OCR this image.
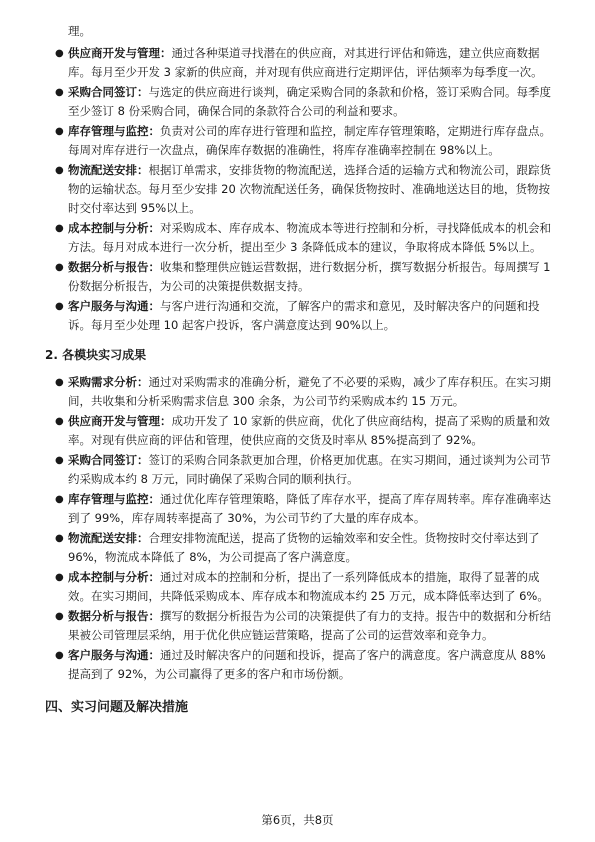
理。

● 供应商开发与管理：通过各种渠道寻找潜在的供应商，对其进行评估和筛选，建立供应商数据库。每月至少开发 3 家新的供应商，并对现有供应商进行定期评估，评估频率为每季度一次。
● 采购合同签订：与选定的供应商进行谈判，确定采购合同的条款和价格，签订采购合同。每季度至少签订 8 份采购合同，确保合同的条款符合公司的利益和要求。
● 库存管理与监控：负责对公司的库存进行管理和监控，制定库存管理策略，定期进行库存盘点。每周对库存进行一次盘点，确保库存数据的准确性，将库存准确率控制在 98%以上。
● 物流配送安排：根据订单需求，安排货物的物流配送，选择合适的运输方式和物流公司，跟踪货物的运输状态。每月至少安排 20 次物流配送任务，确保货物按时、准确地送达目的地，货物按时交付率达到 95%以上。
● 成本控制与分析：对采购成本、库存成本、物流成本等进行控制和分析，寻找降低成本的机会和方法。每月对成本进行一次分析，提出至少 3 条降低成本的建议，争取将成本降低 5%以上。
● 数据分析与报告：收集和整理供应链运营数据，进行数据分析，撰写数据分析报告。每周撰写 1 份数据分析报告，为公司的决策提供数据支持。
● 客户服务与沟通：与客户进行沟通和交流，了解客户的需求和意见，及时解决客户的问题和投诉。每月至少处理 10 起客户投诉，客户满意度达到 90%以上。
2. 各模块实习成果
● 采购需求分析：通过对采购需求的准确分析，避免了不必要的采购，减少了库存积压。在实习期间，共收集和分析采购需求信息 300 余条，为公司节约采购成本约 15 万元。
● 供应商开发与管理：成功开发了 10 家新的供应商，优化了供应商结构，提高了采购的质量和效率。对现有供应商的评估和管理，使供应商的交货及时率从 85%提高到了 92%。
● 采购合同签订：签订的采购合同条款更加合理，价格更加优惠。在实习期间，通过谈判为公司节约采购成本约 8 万元，同时确保了采购合同的顺利执行。
● 库存管理与监控：通过优化库存管理策略，降低了库存水平，提高了库存周转率。库存准确率达到了 99%，库存周转率提高了 30%，为公司节约了大量的库存成本。
● 物流配送安排：合理安排物流配送，提高了货物的运输效率和安全性。货物按时交付率达到了 96%，物流成本降低了 8%，为公司提高了客户满意度。
● 成本控制与分析：通过对成本的控制和分析，提出了一系列降低成本的措施，取得了显著的成效。在实习期间，共降低采购成本、库存成本和物流成本约 25 万元，成本降低率达到了 6%。
● 数据分析与报告：撰写的数据分析报告为公司的决策提供了有力的支持。报告中的数据和分析结果被公司管理层采纳，用于优化供应链运营策略，提高了公司的运营效率和竞争力。
● 客户服务与沟通：通过及时解决客户的问题和投诉，提高了客户的满意度。客户满意度从 88%提高到了 92%，为公司赢得了更多的客户和市场份额。
四、实习问题及解决措施
第6页，共8页
